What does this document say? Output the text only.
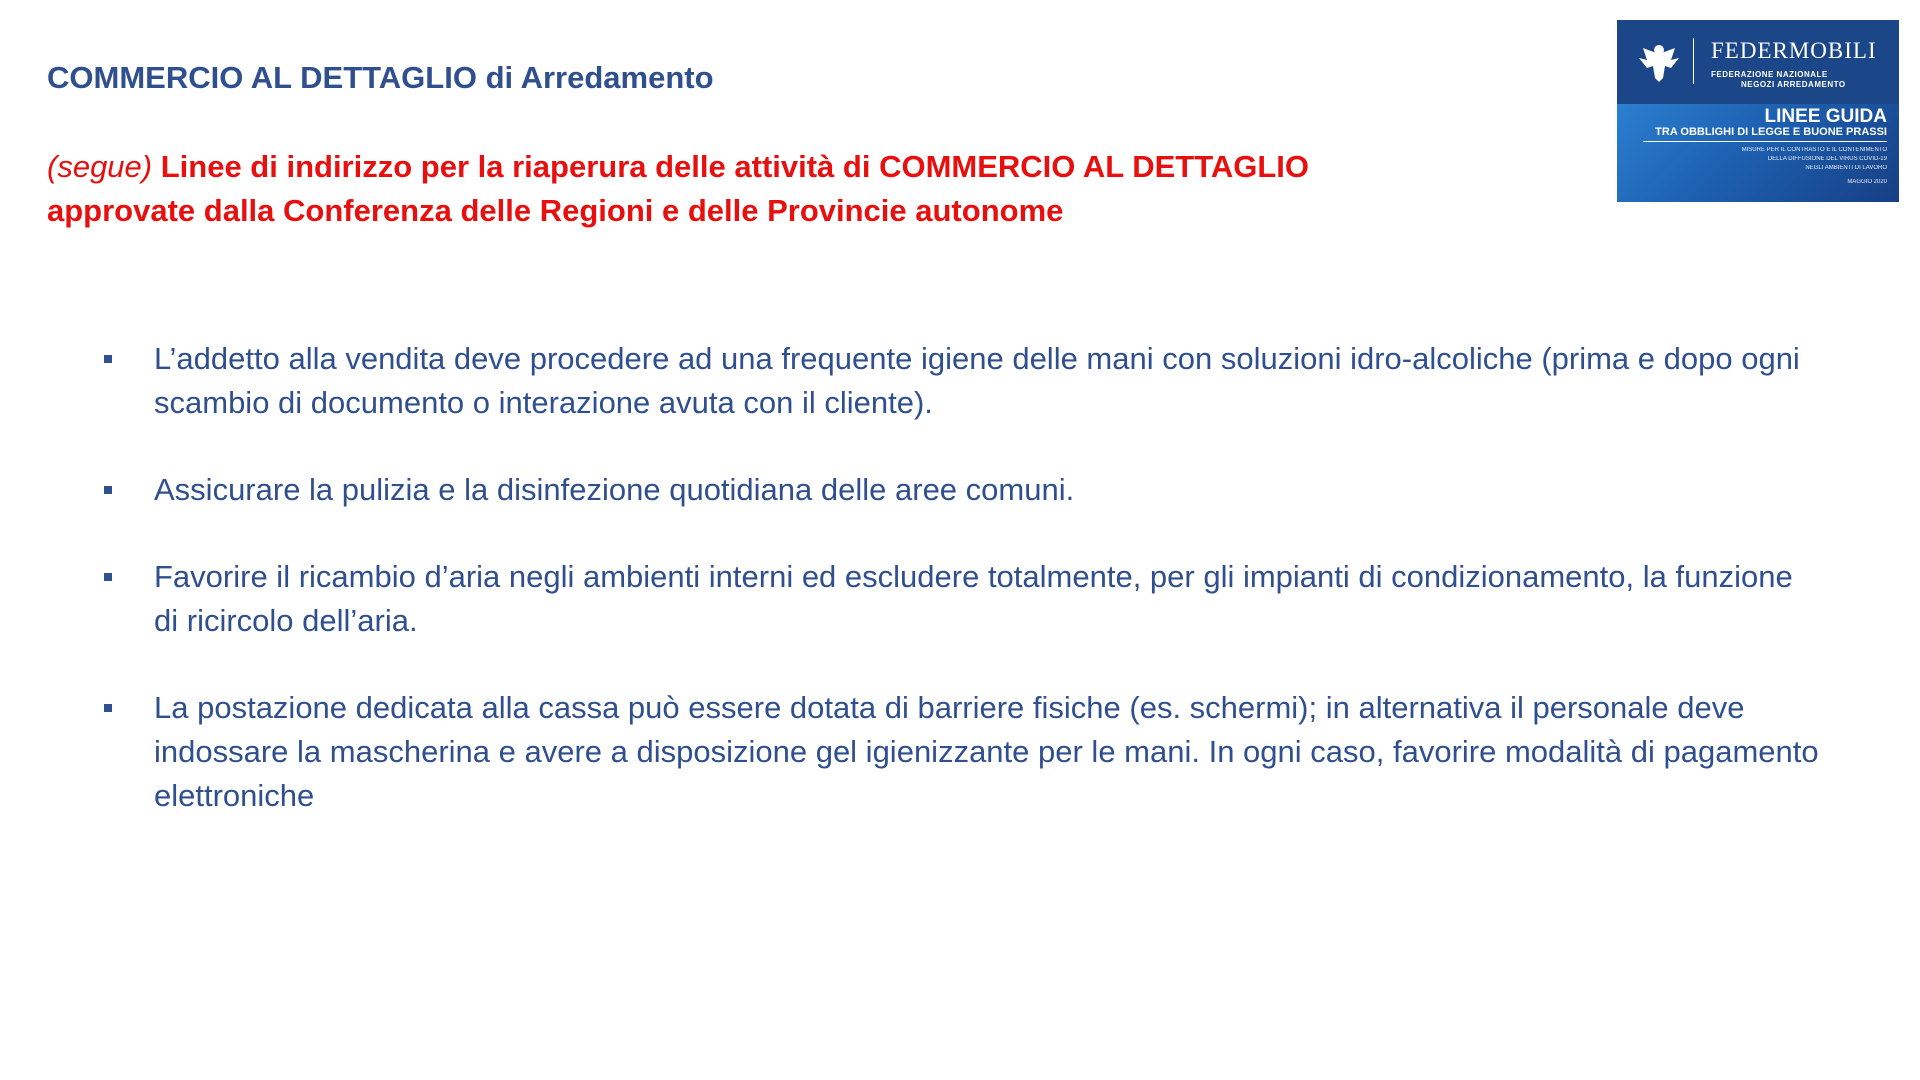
COMMERCIO AL DETTAGLIO di Arredamento
(segue) Linee di indirizzo per la riaperura delle attività di COMMERCIO AL DETTAGLIO
approvate dalla Conferenza delle Regioni e delle Provincie autonome
FEDERMOBILI
FEDERAZIONE NAZIONALE
NEGOZI ARREDAMENTO
LINEE GUIDA
TRA OBBLIGHI DI LEGGE E BUONE PRASSI
MISURE PER IL CONTRASTO E IL CONTENIMENTO
DELLA DIFFUSIONE DEL VIRUS COVID-19
NEGLI AMBIENTI DI LAVORO
MAGGIO 2020
L’addetto alla vendita deve procedere ad una frequente igiene delle mani con soluzioni idro-alcoliche (prima e dopo ogni scambio di documento o interazione avuta con il cliente).
Assicurare la pulizia e la disinfezione quotidiana delle aree comuni.
Favorire il ricambio d’aria negli ambienti interni ed escludere totalmente, per gli impianti di condizionamento, la funzione di ricircolo dell’aria.
La postazione dedicata alla cassa può essere dotata di barriere fisiche (es. schermi); in alternativa il personale deve indossare la mascherina e avere a disposizione gel igienizzante per le mani. In ogni caso, favorire modalità di pagamento elettroniche
